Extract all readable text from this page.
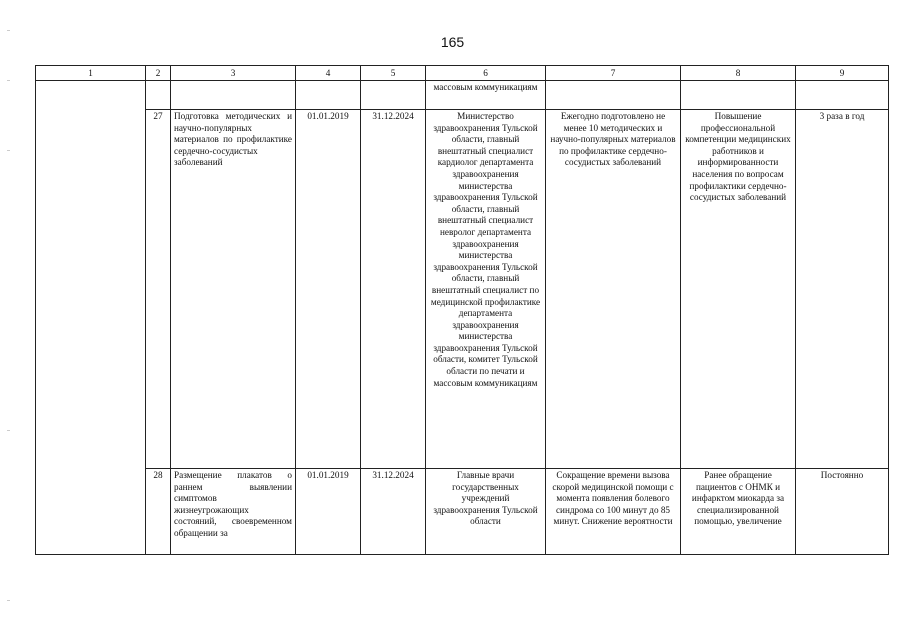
165
1	2	3	4	5	6	7	8	9
					массовым коммуникациям			
	27	Подготовка методических и научно-популярных материалов по профилактике сердечно-сосудистых заболеваний	01.01.2019	31.12.2024	Министерство здравоохранения Тульской области, главный внештатный специалист кардиолог департамента здравоохранения министерства здравоохранения Тульской области, главный внештатный специалист невролог департамента здравоохранения министерства здравоохранения Тульской области, главный внештатный специалист по медицинской профилактике департамента здравоохранения министерства здравоохранения Тульской области, комитет Тульской области по печати и массовым коммуникациям	Ежегодно подготовлено не менее 10 методических и научно-популярных материалов по профилактике сердечно-сосудистых заболеваний	Повышение профессиональной компетенции медицинских работников и информированности населения по вопросам профилактики сердечно-сосудистых заболеваний	3 раза в год
	28	Размещение плакатов о раннем выявлении симптомов жизнеугрожающих состояний, своевременном обращении за	01.01.2019	31.12.2024	Главные врачи государственных учреждений здравоохранения Тульской области	Сокращение времени вызова скорой медицинской помощи с момента появления болевого синдрома со 100 минут до 85 минут. Снижение вероятности	Ранее обращение пациентов с ОНМК и инфарктом миокарда за специализированной помощью, увеличение	Постоянно
